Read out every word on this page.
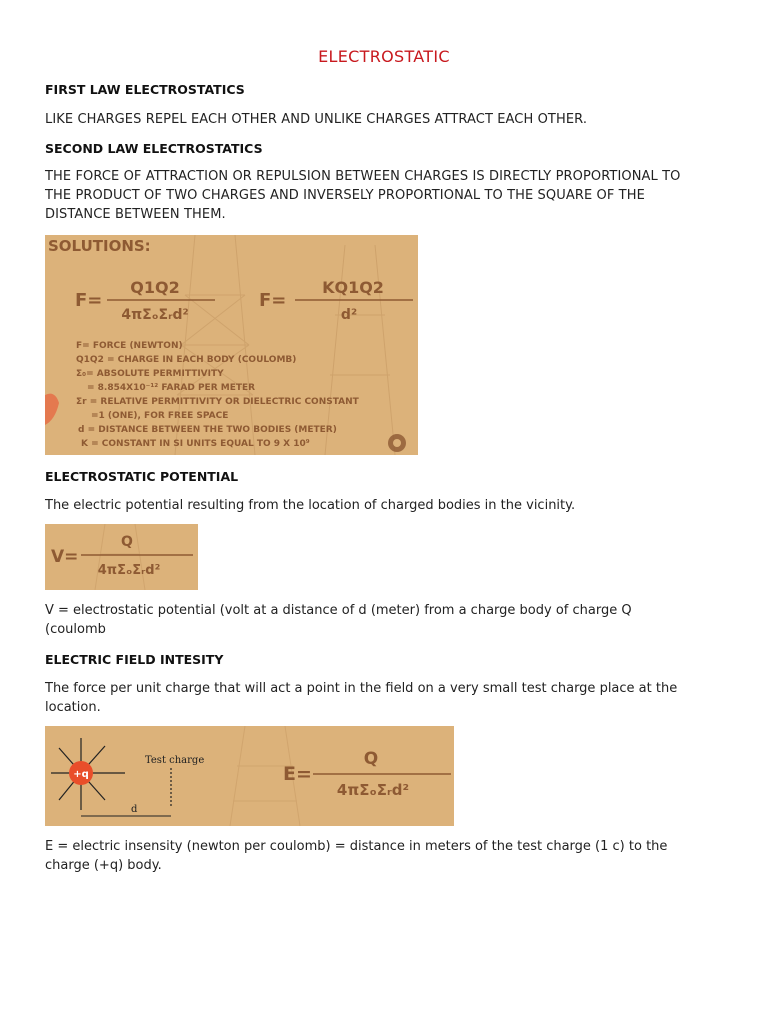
ELECTROSTATIC
FIRST LAW ELECTROSTATICS
LIKE CHARGES REPEL EACH OTHER AND UNLIKE CHARGES ATTRACT EACH OTHER.
SECOND LAW ELECTROSTATICS
THE FORCE OF ATTRACTION OR REPULSION BETWEEN CHARGES IS DIRECTLY PROPORTIONAL TO THE PRODUCT OF TWO CHARGES AND INVERSELY PROPORTIONAL TO THE SQUARE OF THE DISTANCE BETWEEN THEM.
SOLUTIONS:
F=
Q1Q2
4πΣₒΣᵣd²
F=
KQ1Q2
d²
F= FORCE (NEWTON)
Q1Q2 = CHARGE IN EACH BODY (COULOMB)
Σ₀= ABSOLUTE PERMITTIVITY
= 8.854X10⁻¹² FARAD PER METER
Σr = RELATIVE PERMITTIVITY OR DIELECTRIC CONSTANT
=1 (ONE), FOR FREE SPACE
d = DISTANCE BETWEEN THE TWO BODIES (METER)
K = CONSTANT IN SI UNITS EQUAL TO 9 X 10⁹
ELECTROSTATIC POTENTIAL
The electric potential resulting from the location of charged bodies in the vicinity.
V=
Q
4πΣₒΣᵣd²
V = electrostatic potential (volt at a distance of d (meter) from a charge body of charge Q (coulomb
ELECTRIC FIELD INTESITY
The force per unit charge that will act a point in the field on a very small test charge place at the location.
+q
Test charge
d
E=
Q
4πΣₒΣᵣd²
E = electric insensity (newton per coulomb) = distance in meters of the test charge (1 c) to the charge (+q) body.
